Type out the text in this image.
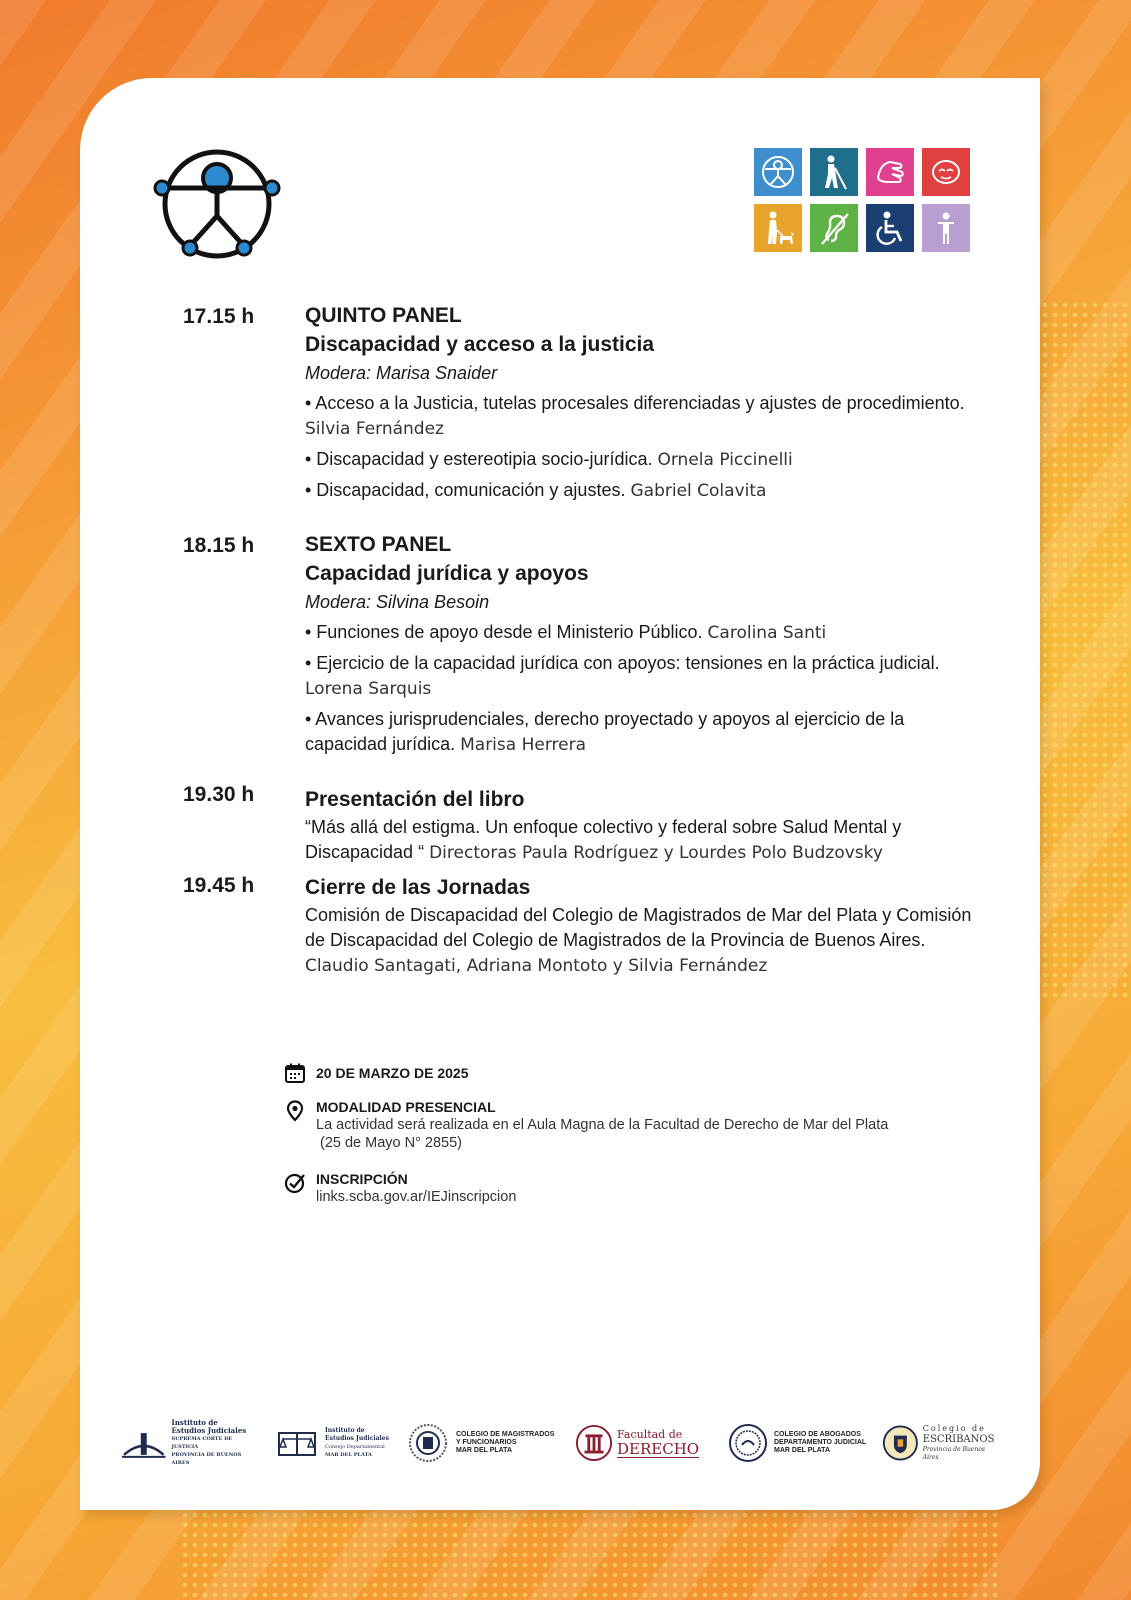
17.15 h QUINTO PANEL
Discapacidad y acceso a la justicia
Modera: Marisa Snaider
• Acceso a la Justicia, tutelas procesales diferenciadas y ajustes de procedimiento. Silvia Fernández
• Discapacidad y estereotipia socio-jurídica. Ornela Piccinelli
• Discapacidad, comunicación y ajustes. Gabriel Colavita
18.15 h SEXTO PANEL
Capacidad jurídica y apoyos
Modera: Silvina Besoin
• Funciones de apoyo desde el Ministerio Público. Carolina Santi
• Ejercicio de la capacidad jurídica con apoyos: tensiones en la práctica judicial. Lorena Sarquis
• Avances jurisprudenciales, derecho proyectado y apoyos al ejercicio de la capacidad jurídica. Marisa Herrera
19.30 h Presentación del libro
“Más allá del estigma. Un enfoque colectivo y federal sobre Salud Mental y Discapacidad “ Directoras Paula Rodríguez y Lourdes Polo Budzovsky
19.45 h Cierre de las Jornadas
Comisión de Discapacidad del Colegio de Magistrados de Mar del Plata y Comisión de Discapacidad del Colegio de Magistrados de la Provincia de Buenos Aires. Claudio Santagati, Adriana Montoto y Silvia Fernández
20 DE MARZO DE 2025
MODALIDAD PRESENCIAL
La actividad será realizada en el Aula Magna de la Facultad de Derecho de Mar del Plata
(25 de Mayo N° 2855)
INSCRIPCIÓN
links.scba.gov.ar/IEJinscripcion
Instituto de
Estudios Judiciales
SUPREMA CORTE DE JUSTICIA
PROVINCIA DE BUENOS AIRES
Instituto de
Estudios Judiciales
Consejo Departamental
MAR DEL PLATA
COLEGIO DE MAGISTRADOS
Y FUNCIONARIOS
MAR DEL PLATA
Facultad de
DERECHO
COLEGIO DE ABOGADOS
DEPARTAMENTO JUDICIAL
MAR DEL PLATA
Colegio de
ESCRIBANOS
Provincia de Buenos Aires
